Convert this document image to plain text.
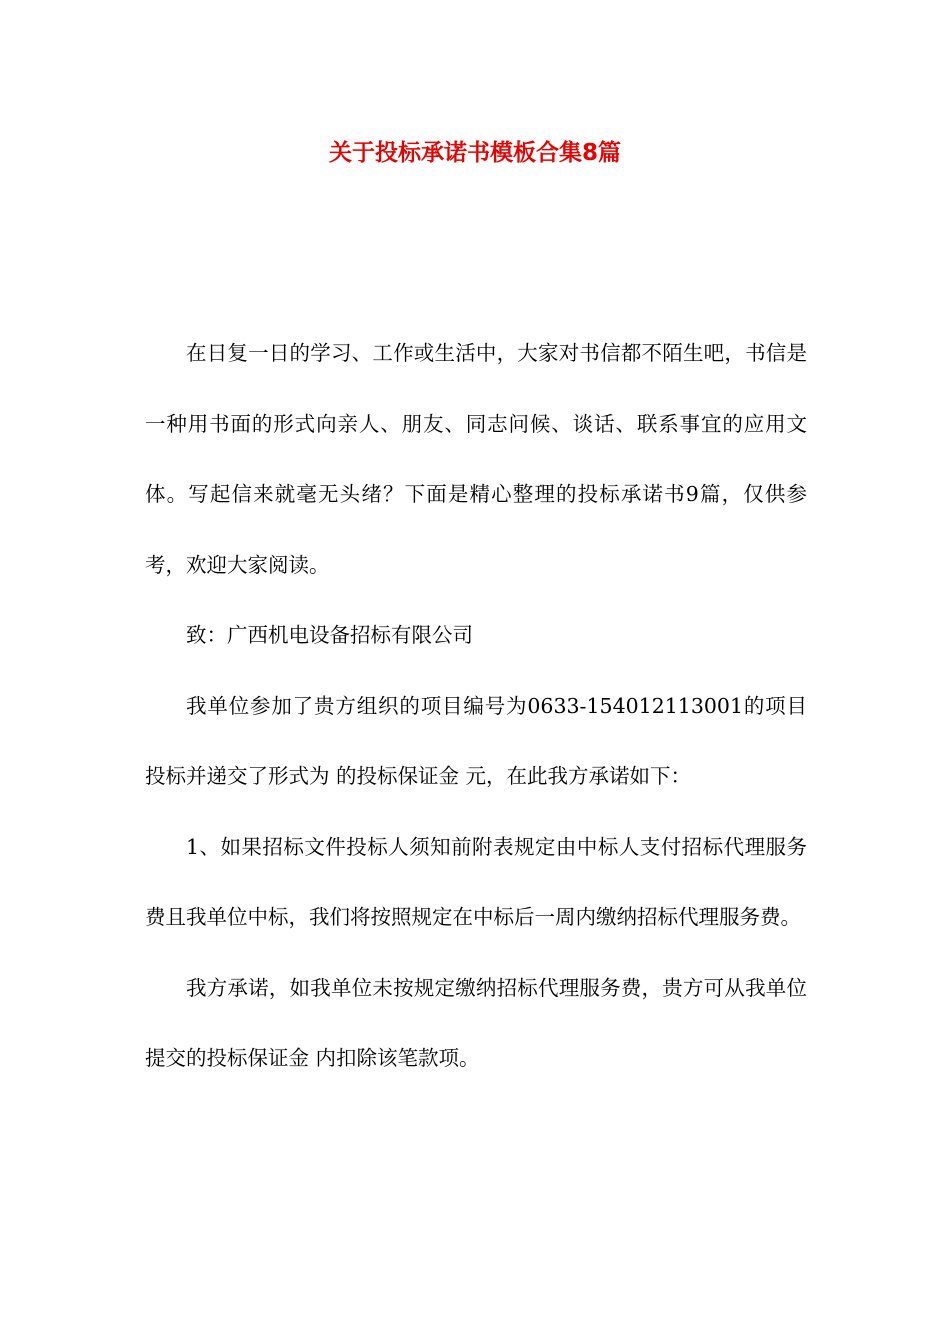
关于投标承诺书模板合集8篇

在日复一日的学习、工作或生活中，大家对书信都不陌生吧，书信是一种用书面的形式向亲人、朋友、同志问候、谈话、联系事宜的应用文体。写起信来就毫无头绪？下面是精心整理的投标承诺书9篇，仅供参考，欢迎大家阅读。

致：广西机电设备招标有限公司

我单位参加了贵方组织的项目编号为0633-154012113001的项目投标并递交了形式为 的投标保证金 元，在此我方承诺如下：

1、如果招标文件投标人须知前附表规定由中标人支付招标代理服务费且我单位中标，我们将按照规定在中标后一周内缴纳招标代理服务费。

我方承诺，如我单位未按规定缴纳招标代理服务费，贵方可从我单位提交的投标保证金 内扣除该笔款项。
